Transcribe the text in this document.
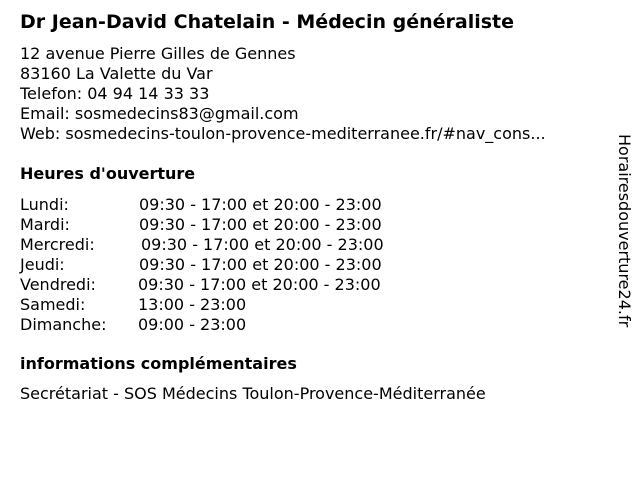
Dr Jean-David Chatelain - Médecin généraliste
12 avenue Pierre Gilles de Gennes
83160 La Valette du Var
Telefon: 04 94 14 33 33
Email: sosmedecins83@gmail.com
Web: sosmedecins-toulon-provence-mediterranee.fr/#nav_cons...
Heures d'ouverture
Lundi:	09:30 - 17:00 et 20:00 - 23:00
Mardi:	09:30 - 17:00 et 20:00 - 23:00
Mercredi:	09:30 - 17:00 et 20:00 - 23:00
Jeudi:	09:30 - 17:00 et 20:00 - 23:00
Vendredi:	09:30 - 17:00 et 20:00 - 23:00
Samedi:	13:00 - 23:00
Dimanche: 09:00 - 23:00
informations complémentaires
Secrétariat - SOS Médecins Toulon-Provence-Méditerranée
Horairesdouverture24.fr
